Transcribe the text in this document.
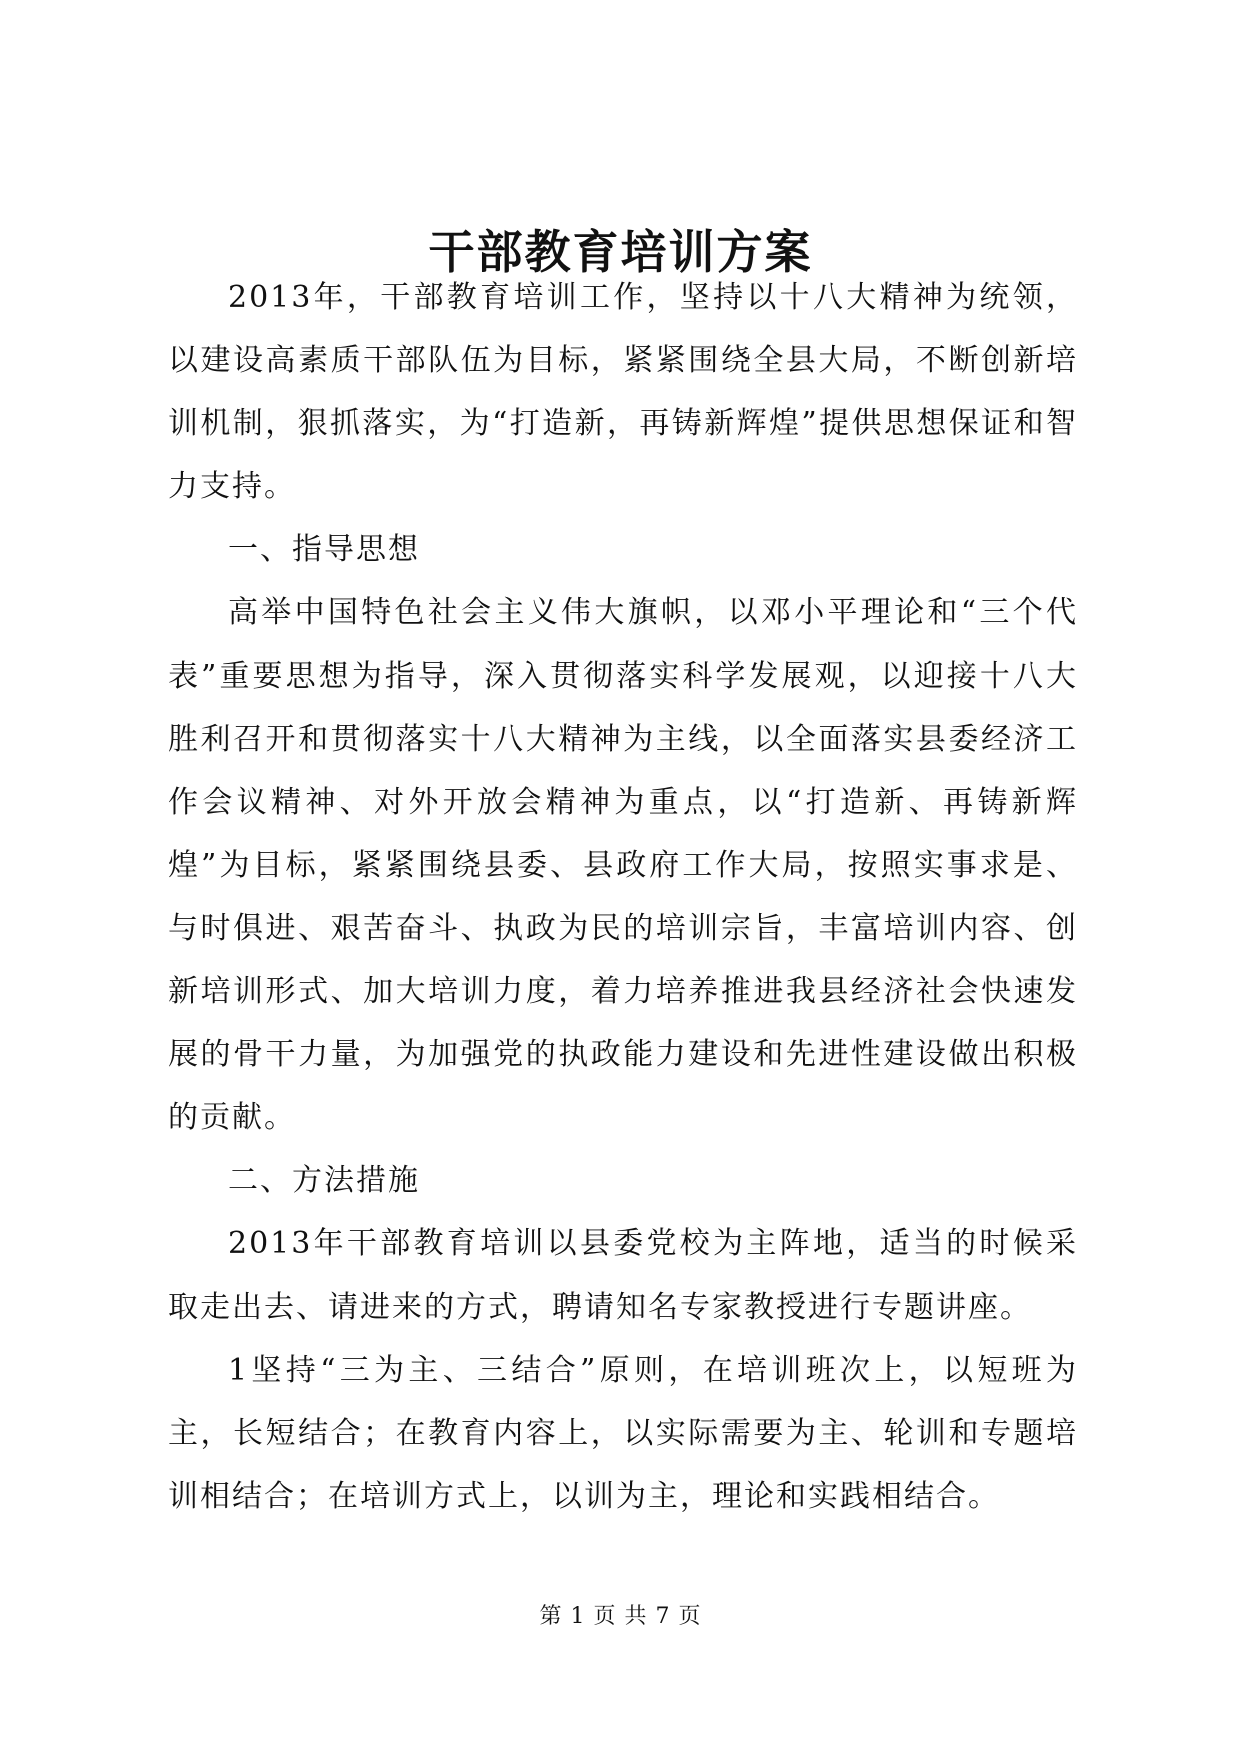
干部教育培训方案

2013年，干部教育培训工作，坚持以十八大精神为统领，以建设高素质干部队伍为目标，紧紧围绕全县大局，不断创新培训机制，狠抓落实，为“打造新，再铸新辉煌”提供思想保证和智力支持。

一、指导思想

高举中国特色社会主义伟大旗帜，以邓小平理论和“三个代表”重要思想为指导，深入贯彻落实科学发展观，以迎接十八大胜利召开和贯彻落实十八大精神为主线，以全面落实县委经济工作会议精神、对外开放会精神为重点，以“打造新、再铸新辉煌”为目标，紧紧围绕县委、县政府工作大局，按照实事求是、与时俱进、艰苦奋斗、执政为民的培训宗旨，丰富培训内容、创新培训形式、加大培训力度，着力培养推进我县经济社会快速发展的骨干力量，为加强党的执政能力建设和先进性建设做出积极的贡献。

二、方法措施

2013年干部教育培训以县委党校为主阵地，适当的时候采取走出去、请进来的方式，聘请知名专家教授进行专题讲座。

1坚持“三为主、三结合”原则，在培训班次上，以短班为主，长短结合；在教育内容上，以实际需要为主、轮训和专题培训相结合；在培训方式上，以训为主，理论和实践相结合。

第 1 页 共 7 页
